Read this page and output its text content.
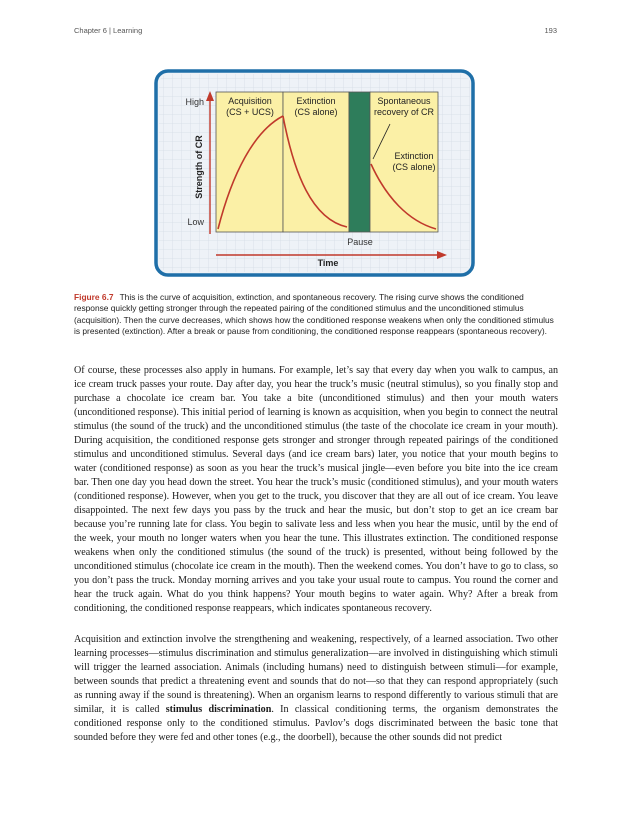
Chapter 6 | Learning	193
High
Low
Strength of CR
Time
Pause
Acquisition
(CS + UCS)
Extinction
(CS alone)
Spontaneous
recovery of CR
Extinction
(CS alone)
Figure 6.7 This is the curve of acquisition, extinction, and spontaneous recovery. The rising curve shows the conditioned response quickly getting stronger through the repeated pairing of the conditioned stimulus and the unconditioned stimulus (acquisition). Then the curve decreases, which shows how the conditioned response weakens when only the conditioned stimulus is presented (extinction). After a break or pause from conditioning, the conditioned response reappears (spontaneous recovery).

Of course, these processes also apply in humans. For example, let’s say that every day when you walk to campus, an ice cream truck passes your route. Day after day, you hear the truck’s music (neutral stimulus), so you finally stop and purchase a chocolate ice cream bar. You take a bite (unconditioned stimulus) and then your mouth waters (unconditioned response). This initial period of learning is known as acquisition, when you begin to connect the neutral stimulus (the sound of the truck) and the unconditioned stimulus (the taste of the chocolate ice cream in your mouth). During acquisition, the conditioned response gets stronger and stronger through repeated pairings of the conditioned stimulus and unconditioned stimulus. Several days (and ice cream bars) later, you notice that your mouth begins to water (conditioned response) as soon as you hear the truck’s musical jingle—even before you bite into the ice cream bar. Then one day you head down the street. You hear the truck’s music (conditioned stimulus), and your mouth waters (conditioned response). However, when you get to the truck, you discover that they are all out of ice cream. You leave disappointed. The next few days you pass by the truck and hear the music, but don’t stop to get an ice cream bar because you’re running late for class. You begin to salivate less and less when you hear the music, until by the end of the week, your mouth no longer waters when you hear the tune. This illustrates extinction. The conditioned response weakens when only the conditioned stimulus (the sound of the truck) is presented, without being followed by the unconditioned stimulus (chocolate ice cream in the mouth). Then the weekend comes. You don’t have to go to class, so you don’t pass the truck. Monday morning arrives and you take your usual route to campus. You round the corner and hear the truck again. What do you think happens? Your mouth begins to water again. Why? After a break from conditioning, the conditioned response reappears, which indicates spontaneous recovery.

Acquisition and extinction involve the strengthening and weakening, respectively, of a learned association. Two other learning processes—stimulus discrimination and stimulus generalization—are involved in distinguishing which stimuli will trigger the learned association. Animals (including humans) need to distinguish between stimuli—for example, between sounds that predict a threatening event and sounds that do not—so that they can respond appropriately (such as running away if the sound is threatening). When an organism learns to respond differently to various stimuli that are similar, it is called stimulus discrimination. In classical conditioning terms, the organism demonstrates the conditioned response only to the conditioned stimulus. Pavlov’s dogs discriminated between the basic tone that sounded before they were fed and other tones (e.g., the doorbell), because the other sounds did not predict
